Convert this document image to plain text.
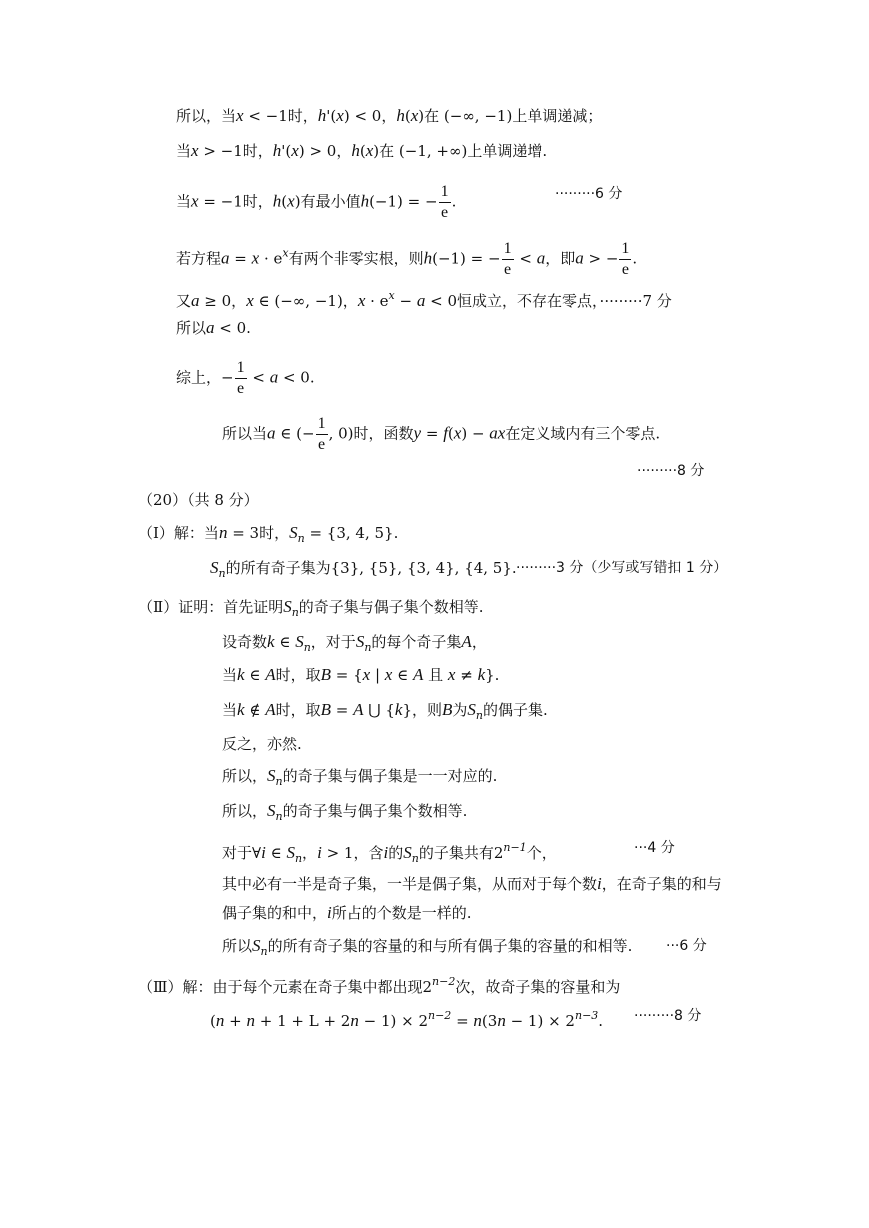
所以，当x < −1时，h'(x) < 0，h(x)在 (−∞, −1)上单调递减；
当x > −1时，h'(x) > 0，h(x)在 (−1, +∞)上单调递增.
当x = −1时，h(x)有最小值h(−1) = − $\frac{1}{e}$ .	·········6 分
若方程$a = x \cdot e^x$有两个非零实根，则h(−1) = − $\frac{1}{e} < a$，即a > − $\frac{1}{e}$ .
又a ≥ 0，x ∈ (−∞, −1)，$x \cdot e^x - a < 0$恒成立，不存在零点，·········7 分
所以a < 0.
综上，− $\frac{1}{e} < a < 0$.
所以当a ∈ (− $\frac{1}{e}$ , 0)时，函数y = f(x) − ax在定义域内有三个零点.
·········8 分
（20）（共 8 分）
（Ⅰ）解：当n = 3时，$S_n = \{3$, 4, 5}.
$S_n$的所有奇子集为{3}, {5}, {3, 4}, {4, 5}. ·········3 分（少写或写错扣 1 分）
（Ⅱ）证明：首先证明$S_n$的奇子集与偶子集个数相等.
设奇数k ∈ $S_n$，对于$S_n$的每个奇子集A，
当k ∈ A时，取B = {x | x ∈ A 且 x ≠ k}.
当k ∉ A时，取B = A ⋃ {k}，则B为$S_n$的偶子集.
反之，亦然.
所以，$S_n$的奇子集与偶子集是一一对应的.
所以，$S_n$的奇子集与偶子集个数相等.
对于∀i ∈ $S_n$，i > 1，含i的$S_n$的子集共有$2^{n-1}$个，	···4 分
其中必有一半是奇子集，一半是偶子集，从而对于每个数i，在奇子集的和与
偶子集的和中，i所占的个数是一样的.
所以$S_n$的所有奇子集的容量的和与所有偶子集的容量的和相等. ···6 分
（Ⅲ）解：由于每个元素在奇子集中都出现$2^{n-2}$次，故奇子集的容量和为
$(n + n + 1 + L + 2n - 1) \times 2^{n-2} = n(3n - 1) \times 2^{n-3}$. ·········8 分
